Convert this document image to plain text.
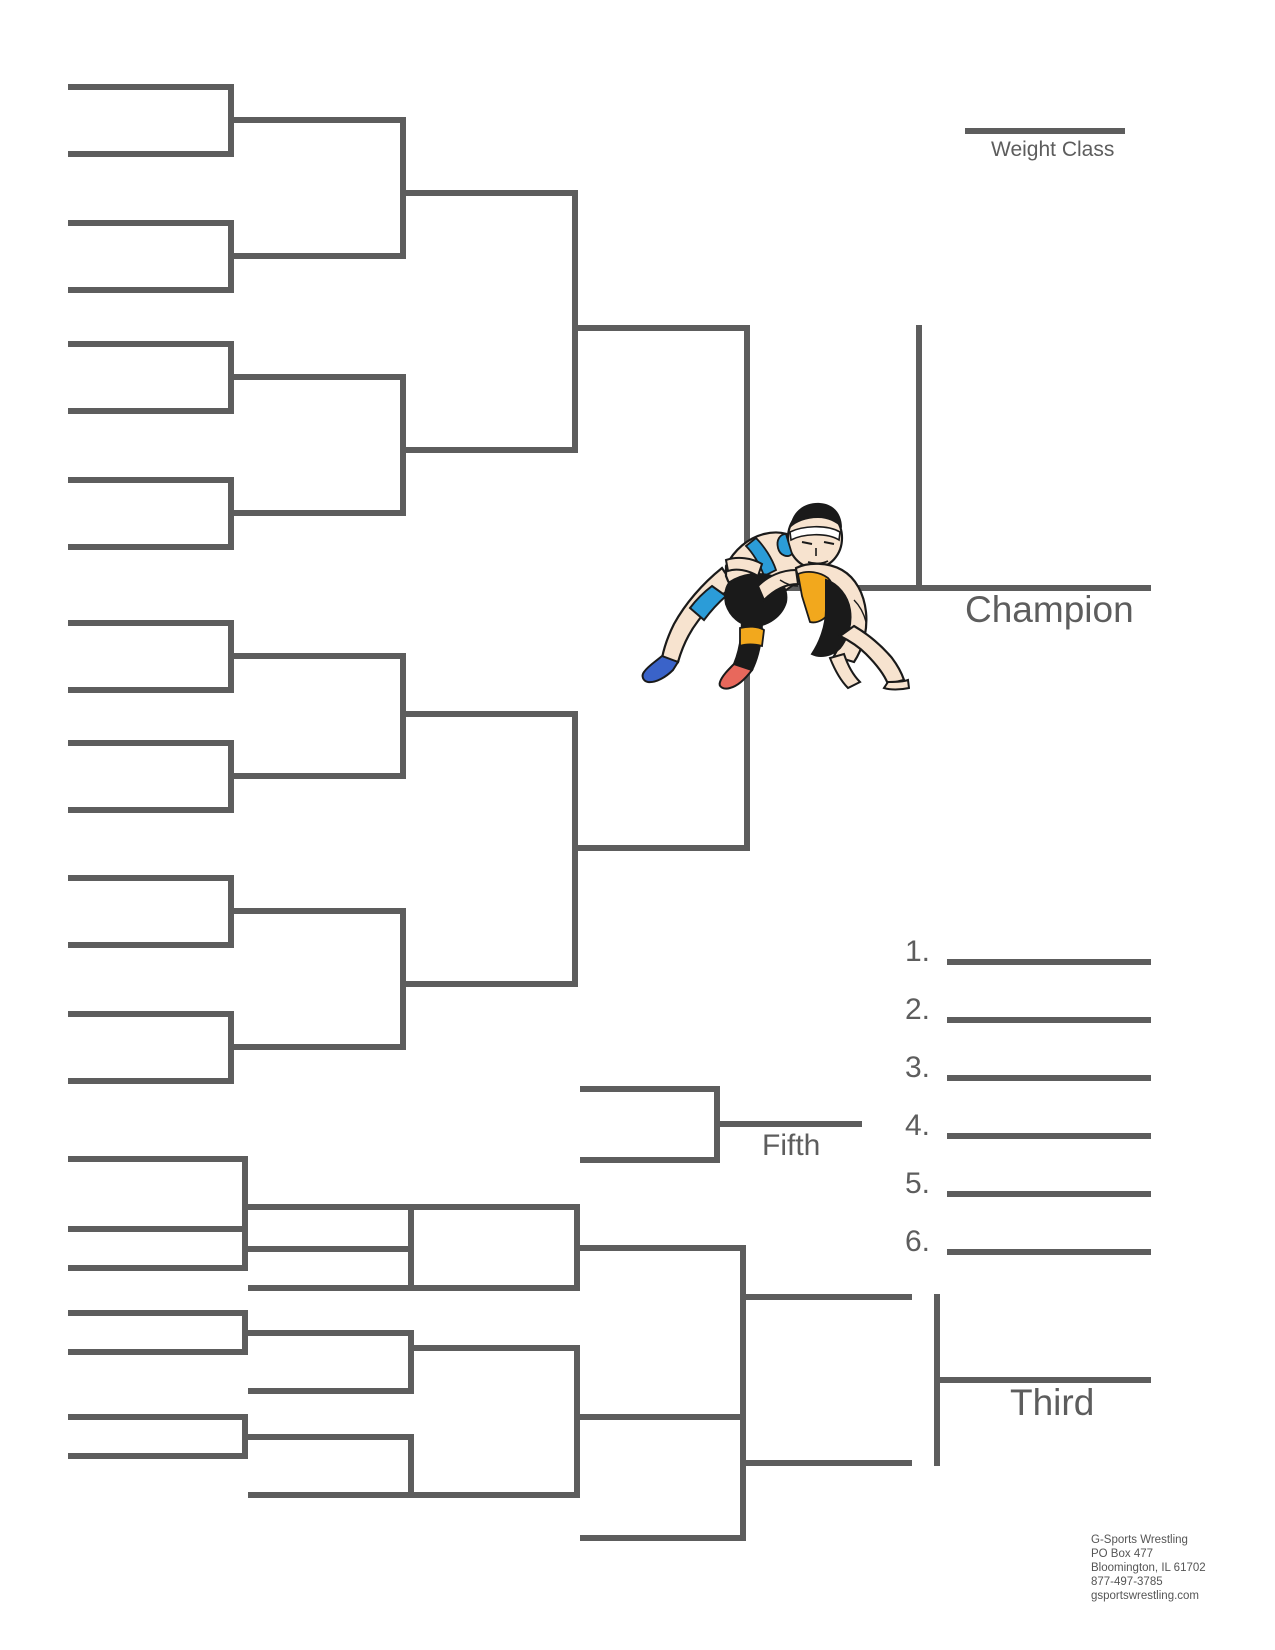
Weight Class
Champion
1.
2.
3.
4.
5.
6.
Fifth
Third
G-Sports Wrestling
PO Box 477
Bloomington, IL 61702
877-497-3785
gsportswrestling.com
